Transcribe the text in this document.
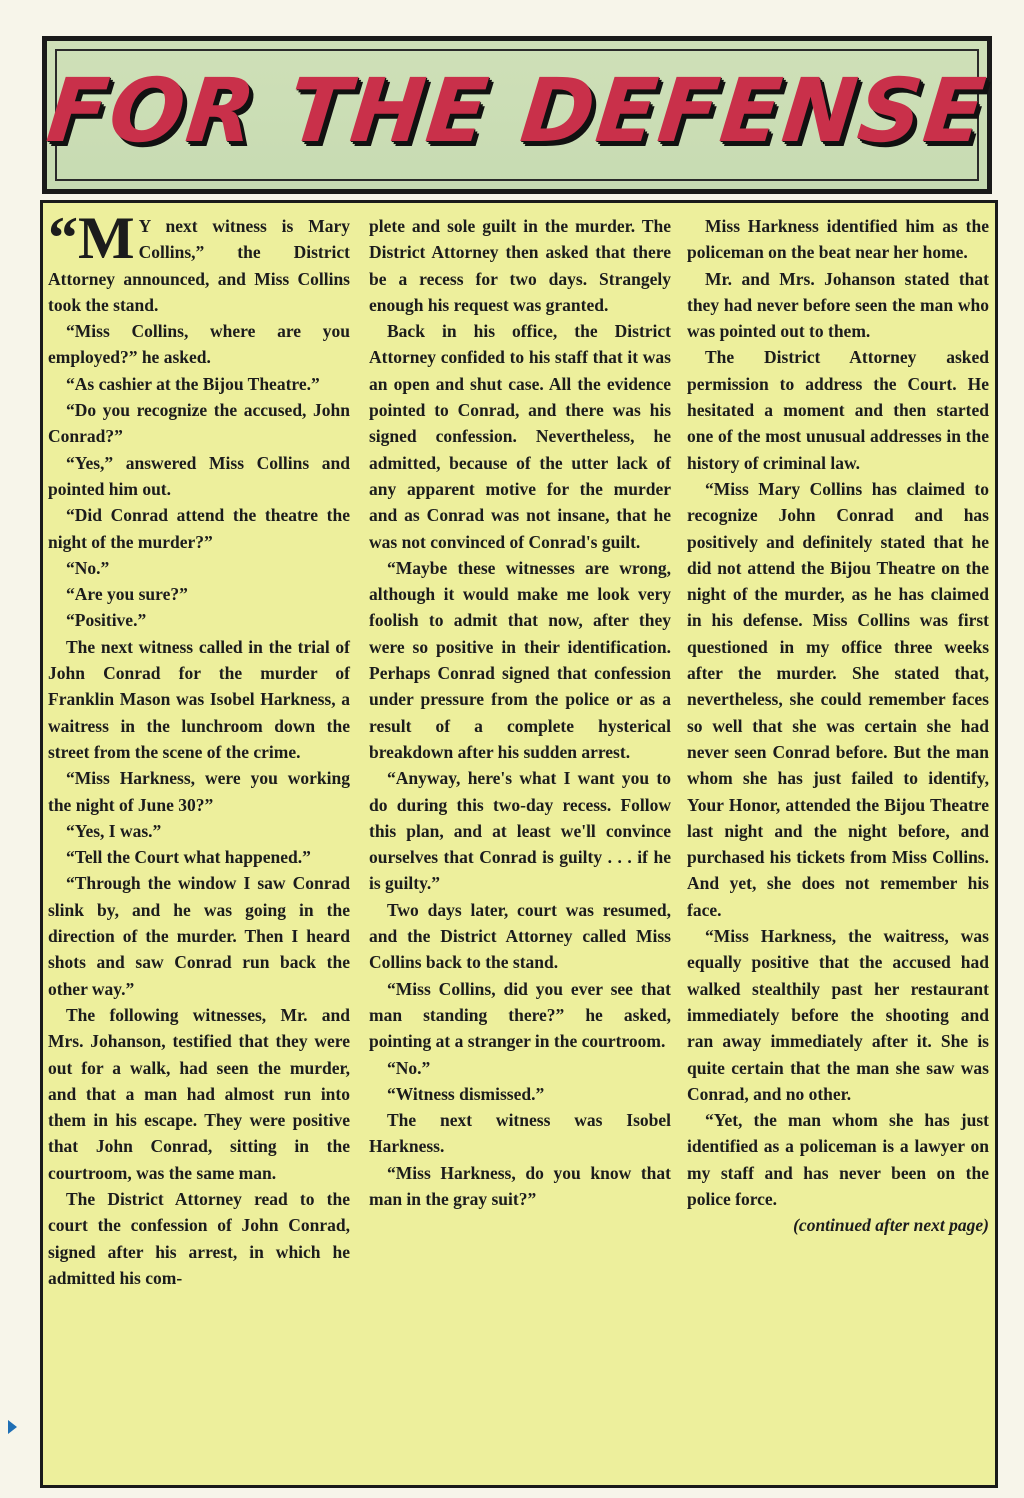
FOR THE DEFENSE

“M Y next witness is Mary Collins,” the District Attorney announced, and Miss Collins took the stand.

“Miss Collins, where are you employed?” he asked.

“As cashier at the Bijou Theatre.”

“Do you recognize the accused, John Conrad?”

“Yes,” answered Miss Collins and pointed him out.

“Did Conrad attend the theatre the night of the murder?”

“No.”

“Are you sure?”

“Positive.”

The next witness called in the trial of John Conrad for the murder of Franklin Mason was Isobel Harkness, a waitress in the lunchroom down the street from the scene of the crime.

“Miss Harkness, were you working the night of June 30?”

“Yes, I was.”

“Tell the Court what happened.”

“Through the window I saw Conrad slink by, and he was going in the direction of the murder. Then I heard shots and saw Conrad run back the other way.”

The following witnesses, Mr. and Mrs. Johanson, testified that they were out for a walk, had seen the murder, and that a man had almost run into them in his escape. They were positive that John Conrad, sitting in the courtroom, was the same man.

The District Attorney read to the court the confession of John Conrad, signed after his arrest, in which he admitted his com-

plete and sole guilt in the murder. The District Attorney then asked that there be a recess for two days. Strangely enough his request was granted.

Back in his office, the District Attorney confided to his staff that it was an open and shut case. All the evidence pointed to Conrad, and there was his signed confession. Nevertheless, he admitted, because of the utter lack of any apparent motive for the murder and as Conrad was not insane, that he was not convinced of Conrad's guilt.

“Maybe these witnesses are wrong, although it would make me look very foolish to admit that now, after they were so positive in their identification. Perhaps Conrad signed that confession under pressure from the police or as a result of a complete hysterical breakdown after his sudden arrest.

“Anyway, here's what I want you to do during this two-day recess. Follow this plan, and at least we'll convince ourselves that Conrad is guilty . . . if he is guilty.”

Two days later, court was resumed, and the District Attorney called Miss Collins back to the stand.

“Miss Collins, did you ever see that man standing there?” he asked, pointing at a stranger in the courtroom.

“No.”

“Witness dismissed.”

The next witness was Isobel Harkness.

“Miss Harkness, do you know that man in the gray suit?”

Miss Harkness identified him as the policeman on the beat near her home.

Mr. and Mrs. Johanson stated that they had never before seen the man who was pointed out to them.

The District Attorney asked permission to address the Court. He hesitated a moment and then started one of the most unusual addresses in the history of criminal law.

“Miss Mary Collins has claimed to recognize John Conrad and has positively and definitely stated that he did not attend the Bijou Theatre on the night of the murder, as he has claimed in his defense. Miss Collins was first questioned in my office three weeks after the murder. She stated that, nevertheless, she could remember faces so well that she was certain she had never seen Conrad before. But the man whom she has just failed to identify, Your Honor, attended the Bijou Theatre last night and the night before, and purchased his tickets from Miss Collins. And yet, she does not remember his face.

“Miss Harkness, the waitress, was equally positive that the accused had walked stealthily past her restaurant immediately before the shooting and ran away immediately after it. She is quite certain that the man she saw was Conrad, and no other.

“Yet, the man whom she has just identified as a policeman is a lawyer on my staff and has never been on the police force.

(continued after next page)
